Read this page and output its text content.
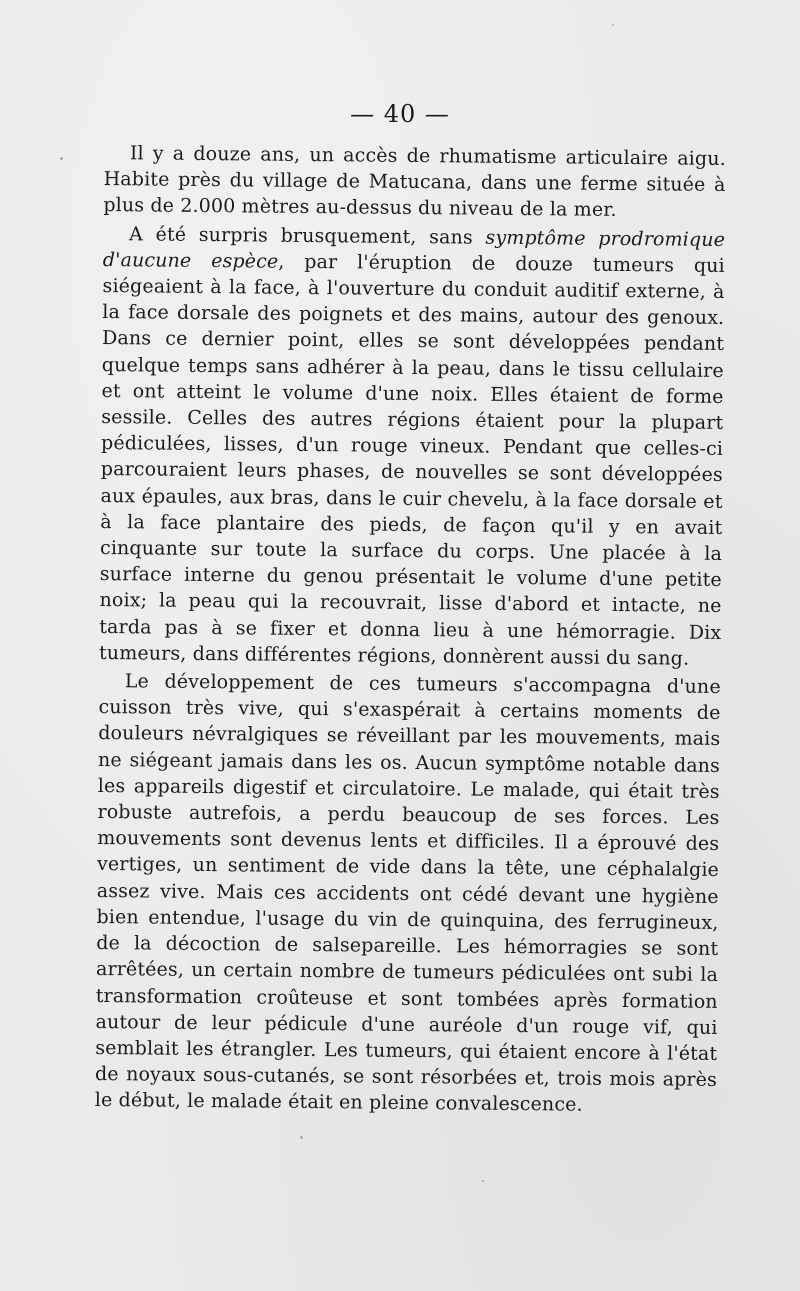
— 40 —

Il y a douze ans, un accès de rhumatisme articulaire aigu. Habite près du village de Matucana, dans une ferme située à plus de 2.000 mètres au-dessus du niveau de la mer.

A été surpris brusquement, sans symptôme prodromique d'aucune espèce, par l'éruption de douze tumeurs qui siégeaient à la face, à l'ouverture du conduit auditif externe, à la face dorsale des poignets et des mains, autour des genoux. Dans ce dernier point, elles se sont développées pendant quelque temps sans adhérer à la peau, dans le tissu cellulaire et ont atteint le volume d'une noix. Elles étaient de forme sessile. Celles des autres régions étaient pour la plupart pédiculées, lisses, d'un rouge vineux. Pendant que celles-ci parcouraient leurs phases, de nouvelles se sont développées aux épaules, aux bras, dans le cuir chevelu, à la face dorsale et à la face plantaire des pieds, de façon qu'il y en avait cinquante sur toute la surface du corps. Une placée à la surface interne du genou présentait le volume d'une petite noix; la peau qui la recouvrait, lisse d'abord et intacte, ne tarda pas à se fixer et donna lieu à une hémorragie. Dix tumeurs, dans différentes régions, donnèrent aussi du sang.

Le développement de ces tumeurs s'accompagna d'une cuisson très vive, qui s'exaspérait à certains moments de douleurs névralgiques se réveillant par les mouvements, mais ne siégeant jamais dans les os. Aucun symptôme notable dans les appareils digestif et circulatoire. Le malade, qui était très robuste autrefois, a perdu beaucoup de ses forces. Les mouvements sont devenus lents et difficiles. Il a éprouvé des vertiges, un sentiment de vide dans la tête, une céphalalgie assez vive. Mais ces accidents ont cédé devant une hygiène bien entendue, l'usage du vin de quinquina, des ferrugineux, de la décoction de salsepareille. Les hémorragies se sont arrêtées, un certain nombre de tumeurs pédiculées ont subi la transformation croûteuse et sont tombées après formation autour de leur pédicule d'une auréole d'un rouge vif, qui semblait les étrangler. Les tumeurs, qui étaient encore à l'état de noyaux sous-cutanés, se sont résorbées et, trois mois après le début, le malade était en pleine convalescence.
